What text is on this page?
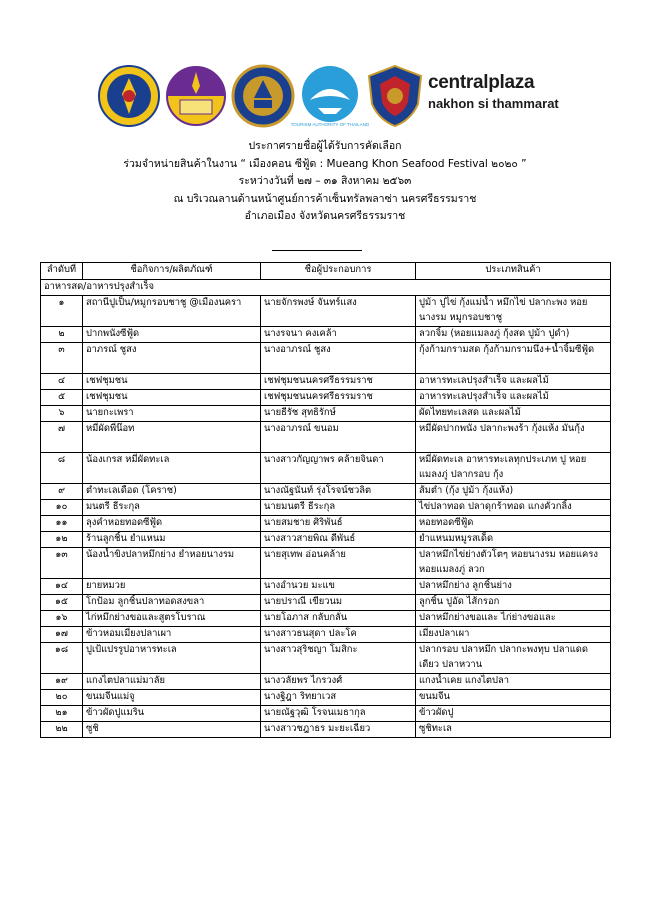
TOURISM AUTHORITY OF THAILAND
centralplaza
nakhon si thammarat
ประกาศรายชื่อผู้ได้รับการคัดเลือก
ร่วมจำหน่ายสินค้าในงาน “ เมืองคอน ซีฟู้ด : Mueang Khon Seafood Festival ๒๐๒๐ ”
ระหว่างวันที่ ๒๗ – ๓๑ สิงหาคม ๒๕๖๓
ณ บริเวณลานด้านหน้าศูนย์การค้าเซ็นทรัลพลาซ่า นครศรีธรรมราช
อำเภอเมือง จังหวัดนครศรีธรรมราช
ลำดับที่	ชื่อกิจการ/ผลิตภัณฑ์	ชื่อผู้ประกอบการ	ประเภทสินค้า
อาหารสด/อาหารปรุงสำเร็จ			
๑	สถานีปูเป็น/หมูกรอบชาชู @เมืองนครา	นายจักรพงษ์ จันทร์แสง	ปูม้า ปูไข่ กุ้งแม่น้ำ หมึกไข่ ปลากะพง หอยนางรม หมูกรอบชาชู
๒	ปากพนังซีฟู้ด	นางรจนา คงเคล้า	ลวกจิ้ม (หอยแมลงภู่ กุ้งสด ปูม้า ปูดำ)
๓	อาภรณ์ ชูสง	นางอาภรณ์ ชูสง	กุ้งก้ามกรามสด กุ้งก้ามกรามนึ่ง+น้ำจิ้มซีฟู้ด
๔	เชฟชุมชน	เชฟชุมชนนครศรีธรรมราช	อาหารทะเลปรุงสำเร็จ และผลไม้
๕	เชฟชุมชน	เชฟชุมชนนครศรีธรรมราช	อาหารทะเลปรุงสำเร็จ และผลไม้
๖	นายกะเพรา	นายธีรัช สุทธิรักษ์	ผัดไทยทะเลสด และผลไม้
๗	หมี่ผัดพี่น๊อท	นางอาภรณ์ ขนอม	หมี่ผัดปากพนัง ปลากะพงร้า กุ้งแห้ง มันกุ้ง
๘	น้องเกรส หมี่ผัดทะเล	นางสาวกัญญาพร คล้ายจินดา	หมี่ผัดทะเล อาหารทะเลทุกประเภท ปู หอยแมลงภู่ ปลากรอบ กุ้ง
๙	ตำทะเลเดือด (โคราช)	นางณัฐนันท์ รุ่งโรจน์ชวลิต	ส้มตำ (กุ้ง ปูม้า กุ้งแห้ง)
๑๐	มนตรี ธีระกุล	นายมนตรี ธีระกุล	ไข่ปลาทอด ปลาดุกร้าทอด แกงคั่วกลิ้ง
๑๑	ลุงคำหอยทอดซีฟู้ด	นายสมชาย ศิริพันธ์	หอยทอดซีฟู้ด
๑๒	ร้านลูกชิ้น ยำแหนม	นางสาวสายพิณ ดีพันธ์	ยำแหนมหมูรสเด็ด
๑๓	น้องน้ำขิงปลาหมึกย่าง ยำหอยนางรม	นายสุเทพ อ่อนคล้าย	ปลาหมึกไข่ย่างตัวโตๆ หอยนางรม หอยแครง หอยแมลงภู่ ลวก
๑๔	ยายหมวย	นางอำนวย มะแข	ปลาหมึกย่าง ลูกชิ้นย่าง
๑๕	โกป้อม ลูกชิ้นปลาทอดสงขลา	นายปราณี เขียวนม	ลูกชิ้น ปูอัด ไส้กรอก
๑๖	ไก่หมึกย่างขอและสูตรโบราณ	นายโอภาส กลับกลั่น	ปลาหมึกย่างขอและ ไก่ย่างขอและ
๑๗	ข้าวหอมเมี่ยงปลาเผา	นางสาวธนสุดา ปละโค	เมี่ยงปลาเผา
๑๘	ปูเป้แปรรูปอาหารทะเล	นางสาวสุริชญา โมสิกะ	ปลากรอบ ปลาหมึก ปลากะพงทุบ ปลาแดดเดียว ปลาหวาน
๑๙	แกงไตปลาแม่มาลัย	นางวลัยพร ไกรวงศ์	แกงน้ำเคย แกงไตปลา
๒๐	ขนมจีนแม่จู	นางฐิฎา ริทยาเวส	ขนมจีน
๒๑	ข้าวผัดปูแมริน	นายณัฐวุฒิ โรจนเมธากุล	ข้าวผัดปู
๒๒	ซูชิ	นางสาวชฎาธร มะยะเฉียว	ซูชิทะเล
